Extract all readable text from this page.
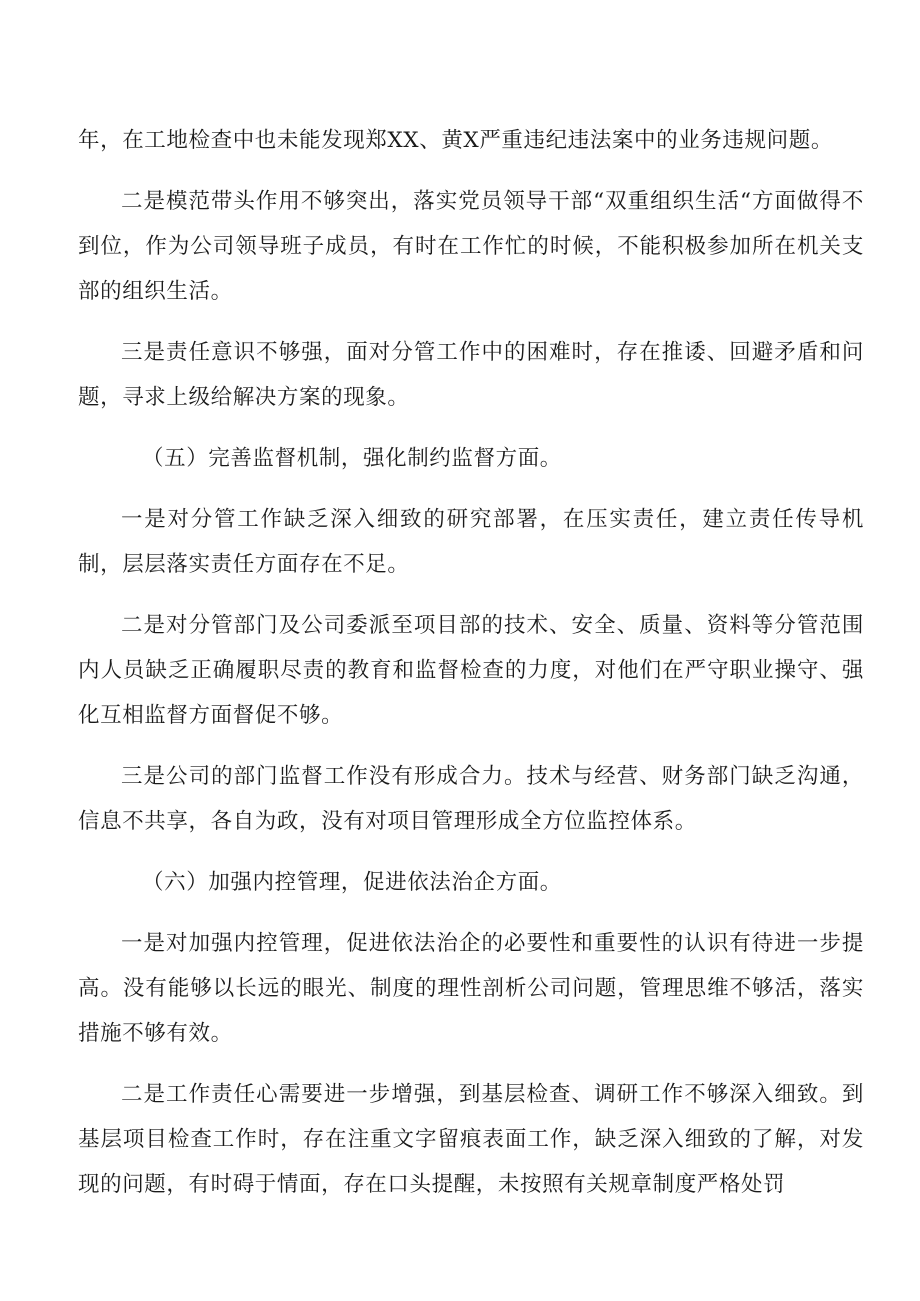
年，在工地检查中也未能发现郑XX、黄X严重违纪违法案中的业务违规问题。

二是模范带头作用不够突出，落实党员领导干部“双重组织生活“方面做得不到位，作为公司领导班子成员，有时在工作忙的时候，不能积极参加所在机关支部的组织生活。

三是责任意识不够强，面对分管工作中的困难时，存在推诿、回避矛盾和问题，寻求上级给解决方案的现象。

（五）完善监督机制，强化制约监督方面。

一是对分管工作缺乏深入细致的研究部署，在压实责任，建立责任传导机制，层层落实责任方面存在不足。

二是对分管部门及公司委派至项目部的技术、安全、质量、资料等分管范围内人员缺乏正确履职尽责的教育和监督检查的力度，对他们在严守职业操守、强化互相监督方面督促不够。

三是公司的部门监督工作没有形成合力。技术与经营、财务部门缺乏沟通，信息不共享，各自为政，没有对项目管理形成全方位监控体系。

（六）加强内控管理，促进依法治企方面。

一是对加强内控管理，促进依法治企的必要性和重要性的认识有待进一步提高。没有能够以长远的眼光、制度的理性剖析公司问题，管理思维不够活，落实措施不够有效。

二是工作责任心需要进一步增强，到基层检查、调研工作不够深入细致。到基层项目检查工作时，存在注重文字留痕表面工作，缺乏深入细致的了解，对发现的问题，有时碍于情面，存在口头提醒，未按照有关规章制度严格处罚
